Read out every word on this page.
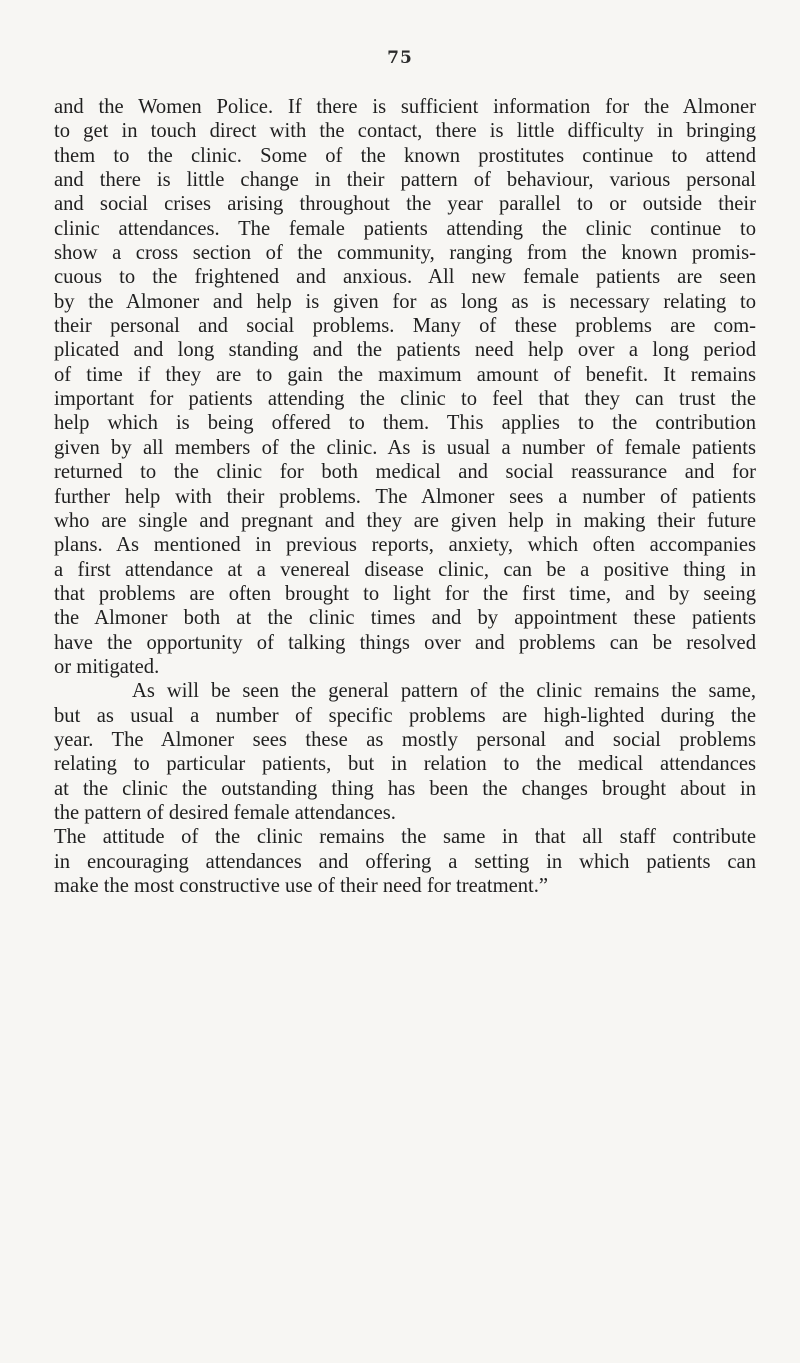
75
and the Women Police. If there is sufficient information for the Almoner
to get in touch direct with the contact, there is little difficulty in bringing
them to the clinic. Some of the known prostitutes continue to attend
and there is little change in their pattern of behaviour, various personal
and social crises arising throughout the year parallel to or outside their
clinic attendances. The female patients attending the clinic continue to
show a cross section of the community, ranging from the known promis-
cuous to the frightened and anxious. All new female patients are seen
by the Almoner and help is given for as long as is necessary relating to
their personal and social problems. Many of these problems are com-
plicated and long standing and the patients need help over a long period
of time if they are to gain the maximum amount of benefit. It remains
important for patients attending the clinic to feel that they can trust the
help which is being offered to them. This applies to the contribution
given by all members of the clinic. As is usual a number of female patients
returned to the clinic for both medical and social reassurance and for
further help with their problems. The Almoner sees a number of patients
who are single and pregnant and they are given help in making their future
plans. As mentioned in previous reports, anxiety, which often accompanies
a first attendance at a venereal disease clinic, can be a positive thing in
that problems are often brought to light for the first time, and by seeing
the Almoner both at the clinic times and by appointment these patients
have the opportunity of talking things over and problems can be resolved
or mitigated.
As will be seen the general pattern of the clinic remains the same,
but as usual a number of specific problems are high-lighted during the
year. The Almoner sees these as mostly personal and social problems
relating to particular patients, but in relation to the medical attendances
at the clinic the outstanding thing has been the changes brought about in
the pattern of desired female attendances.
The attitude of the clinic remains the same in that all staff contribute
in encouraging attendances and offering a setting in which patients can
make the most constructive use of their need for treatment.”
